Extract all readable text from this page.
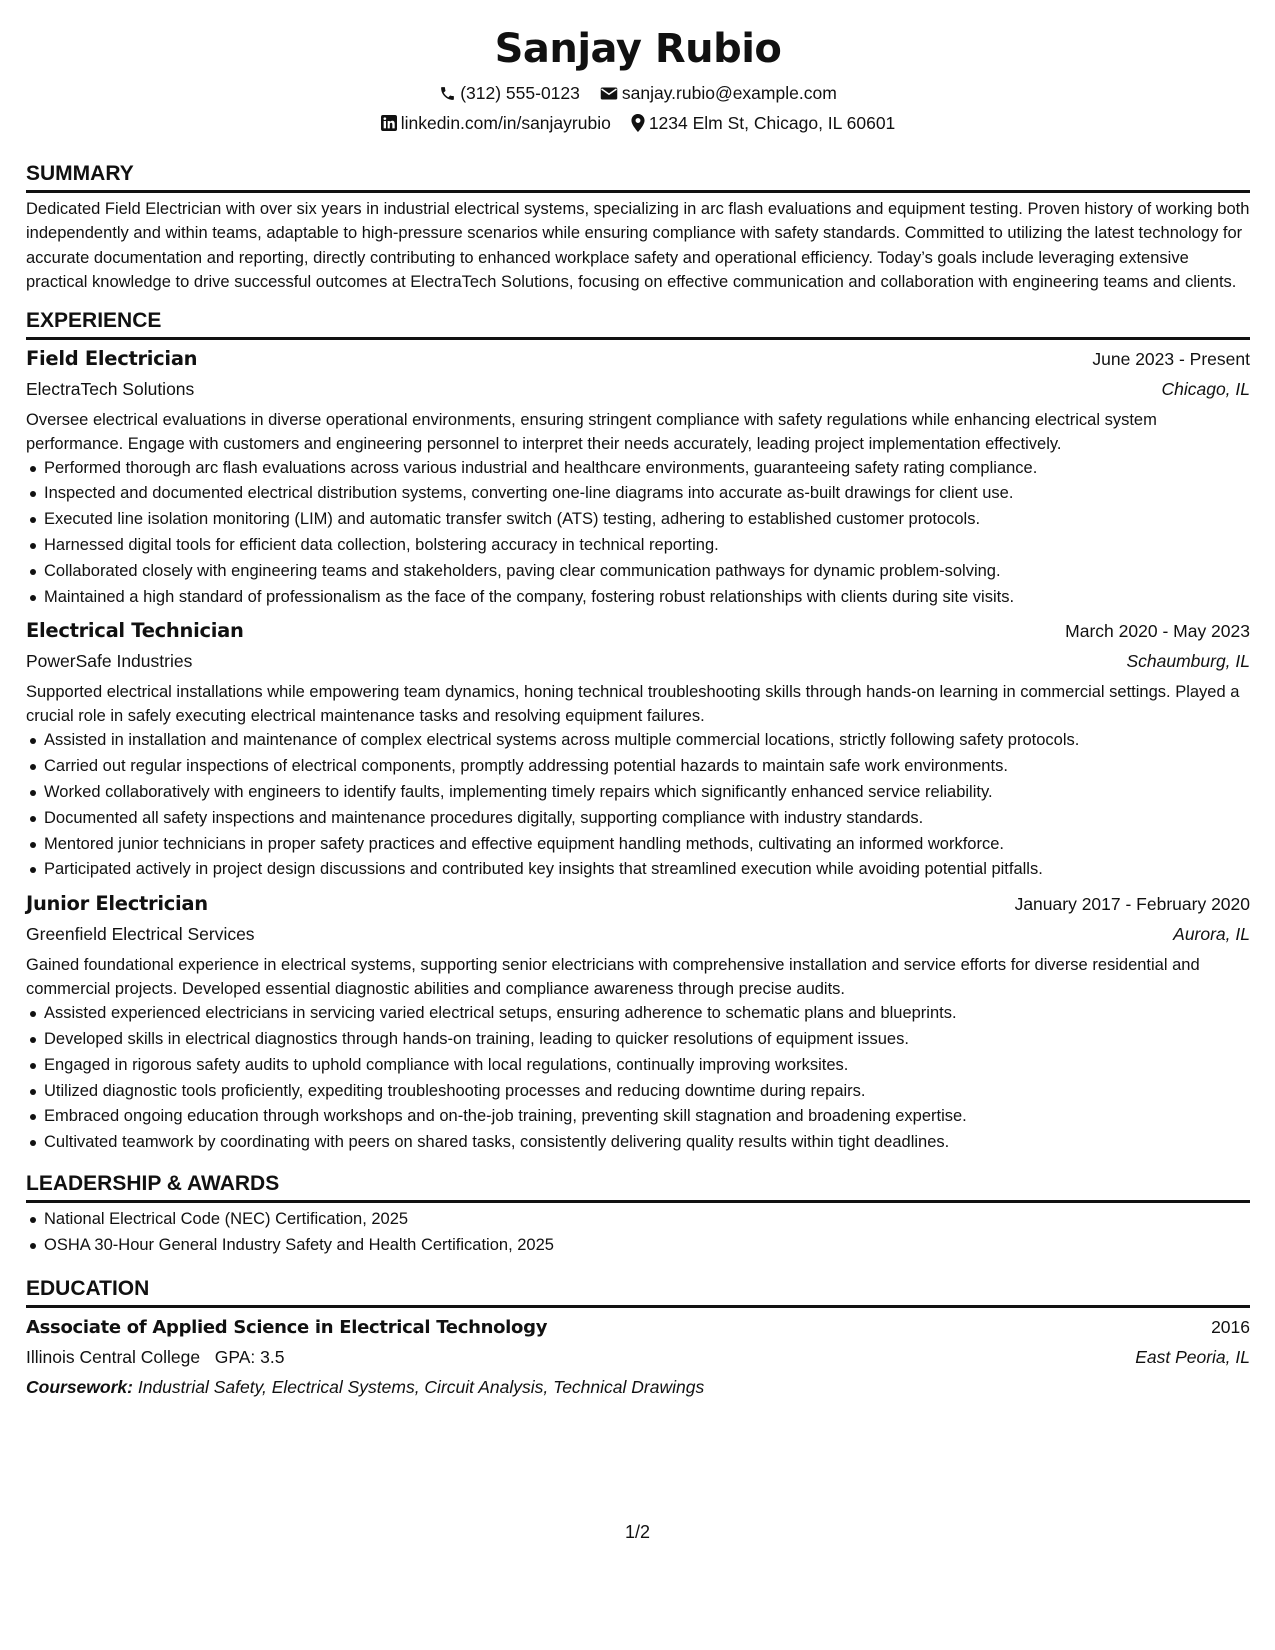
Sanjay Rubio
(312) 555-0123 sanjay.rubio@example.com
linkedin.com/in/sanjayrubio 1234 Elm St, Chicago, IL 60601
SUMMARY

Dedicated Field Electrician with over six years in industrial electrical systems, specializing in arc flash evaluations and equipment testing. Proven history of working both independently and within teams, adaptable to high-pressure scenarios while ensuring compliance with safety standards. Committed to utilizing the latest technology for accurate documentation and reporting, directly contributing to enhanced workplace safety and operational efficiency. Today’s goals include leveraging extensive practical knowledge to drive successful outcomes at ElectraTech Solutions, focusing on effective communication and collaboration with engineering teams and clients.

EXPERIENCE
Field Electrician	June 2023 - Present
ElectraTech Solutions	Chicago, IL

Oversee electrical evaluations in diverse operational environments, ensuring stringent compliance with safety regulations while enhancing electrical system performance. Engage with customers and engineering personnel to interpret their needs accurately, leading project implementation effectively.

Performed thorough arc flash evaluations across various industrial and healthcare environments, guaranteeing safety rating compliance.
Inspected and documented electrical distribution systems, converting one-line diagrams into accurate as-built drawings for client use.
Executed line isolation monitoring (LIM) and automatic transfer switch (ATS) testing, adhering to established customer protocols.
Harnessed digital tools for efficient data collection, bolstering accuracy in technical reporting.
Collaborated closely with engineering teams and stakeholders, paving clear communication pathways for dynamic problem-solving.
Maintained a high standard of professionalism as the face of the company, fostering robust relationships with clients during site visits.
Electrical Technician	March 2020 - May 2023
PowerSafe Industries	Schaumburg, IL

Supported electrical installations while empowering team dynamics, honing technical troubleshooting skills through hands-on learning in commercial settings. Played a crucial role in safely executing electrical maintenance tasks and resolving equipment failures.

Assisted in installation and maintenance of complex electrical systems across multiple commercial locations, strictly following safety protocols.
Carried out regular inspections of electrical components, promptly addressing potential hazards to maintain safe work environments.
Worked collaboratively with engineers to identify faults, implementing timely repairs which significantly enhanced service reliability.
Documented all safety inspections and maintenance procedures digitally, supporting compliance with industry standards.
Mentored junior technicians in proper safety practices and effective equipment handling methods, cultivating an informed workforce.
Participated actively in project design discussions and contributed key insights that streamlined execution while avoiding potential pitfalls.
Junior Electrician	January 2017 - February 2020
Greenfield Electrical Services	Aurora, IL

Gained foundational experience in electrical systems, supporting senior electricians with comprehensive installation and service efforts for diverse residential and commercial projects. Developed essential diagnostic abilities and compliance awareness through precise audits.

Assisted experienced electricians in servicing varied electrical setups, ensuring adherence to schematic plans and blueprints.
Developed skills in electrical diagnostics through hands-on training, leading to quicker resolutions of equipment issues.
Engaged in rigorous safety audits to uphold compliance with local regulations, continually improving worksites.
Utilized diagnostic tools proficiently, expediting troubleshooting processes and reducing downtime during repairs.
Embraced ongoing education through workshops and on-the-job training, preventing skill stagnation and broadening expertise.
Cultivated teamwork by coordinating with peers on shared tasks, consistently delivering quality results within tight deadlines.
LEADERSHIP & AWARDS
National Electrical Code (NEC) Certification, 2025
OSHA 30-Hour General Industry Safety and Health Certification, 2025
EDUCATION
Associate of Applied Science in Electrical Technology	2016
Illinois Central College GPA: 3.5	East Peoria, IL
Coursework: Industrial Safety, Electrical Systems, Circuit Analysis, Technical Drawings
1/2
